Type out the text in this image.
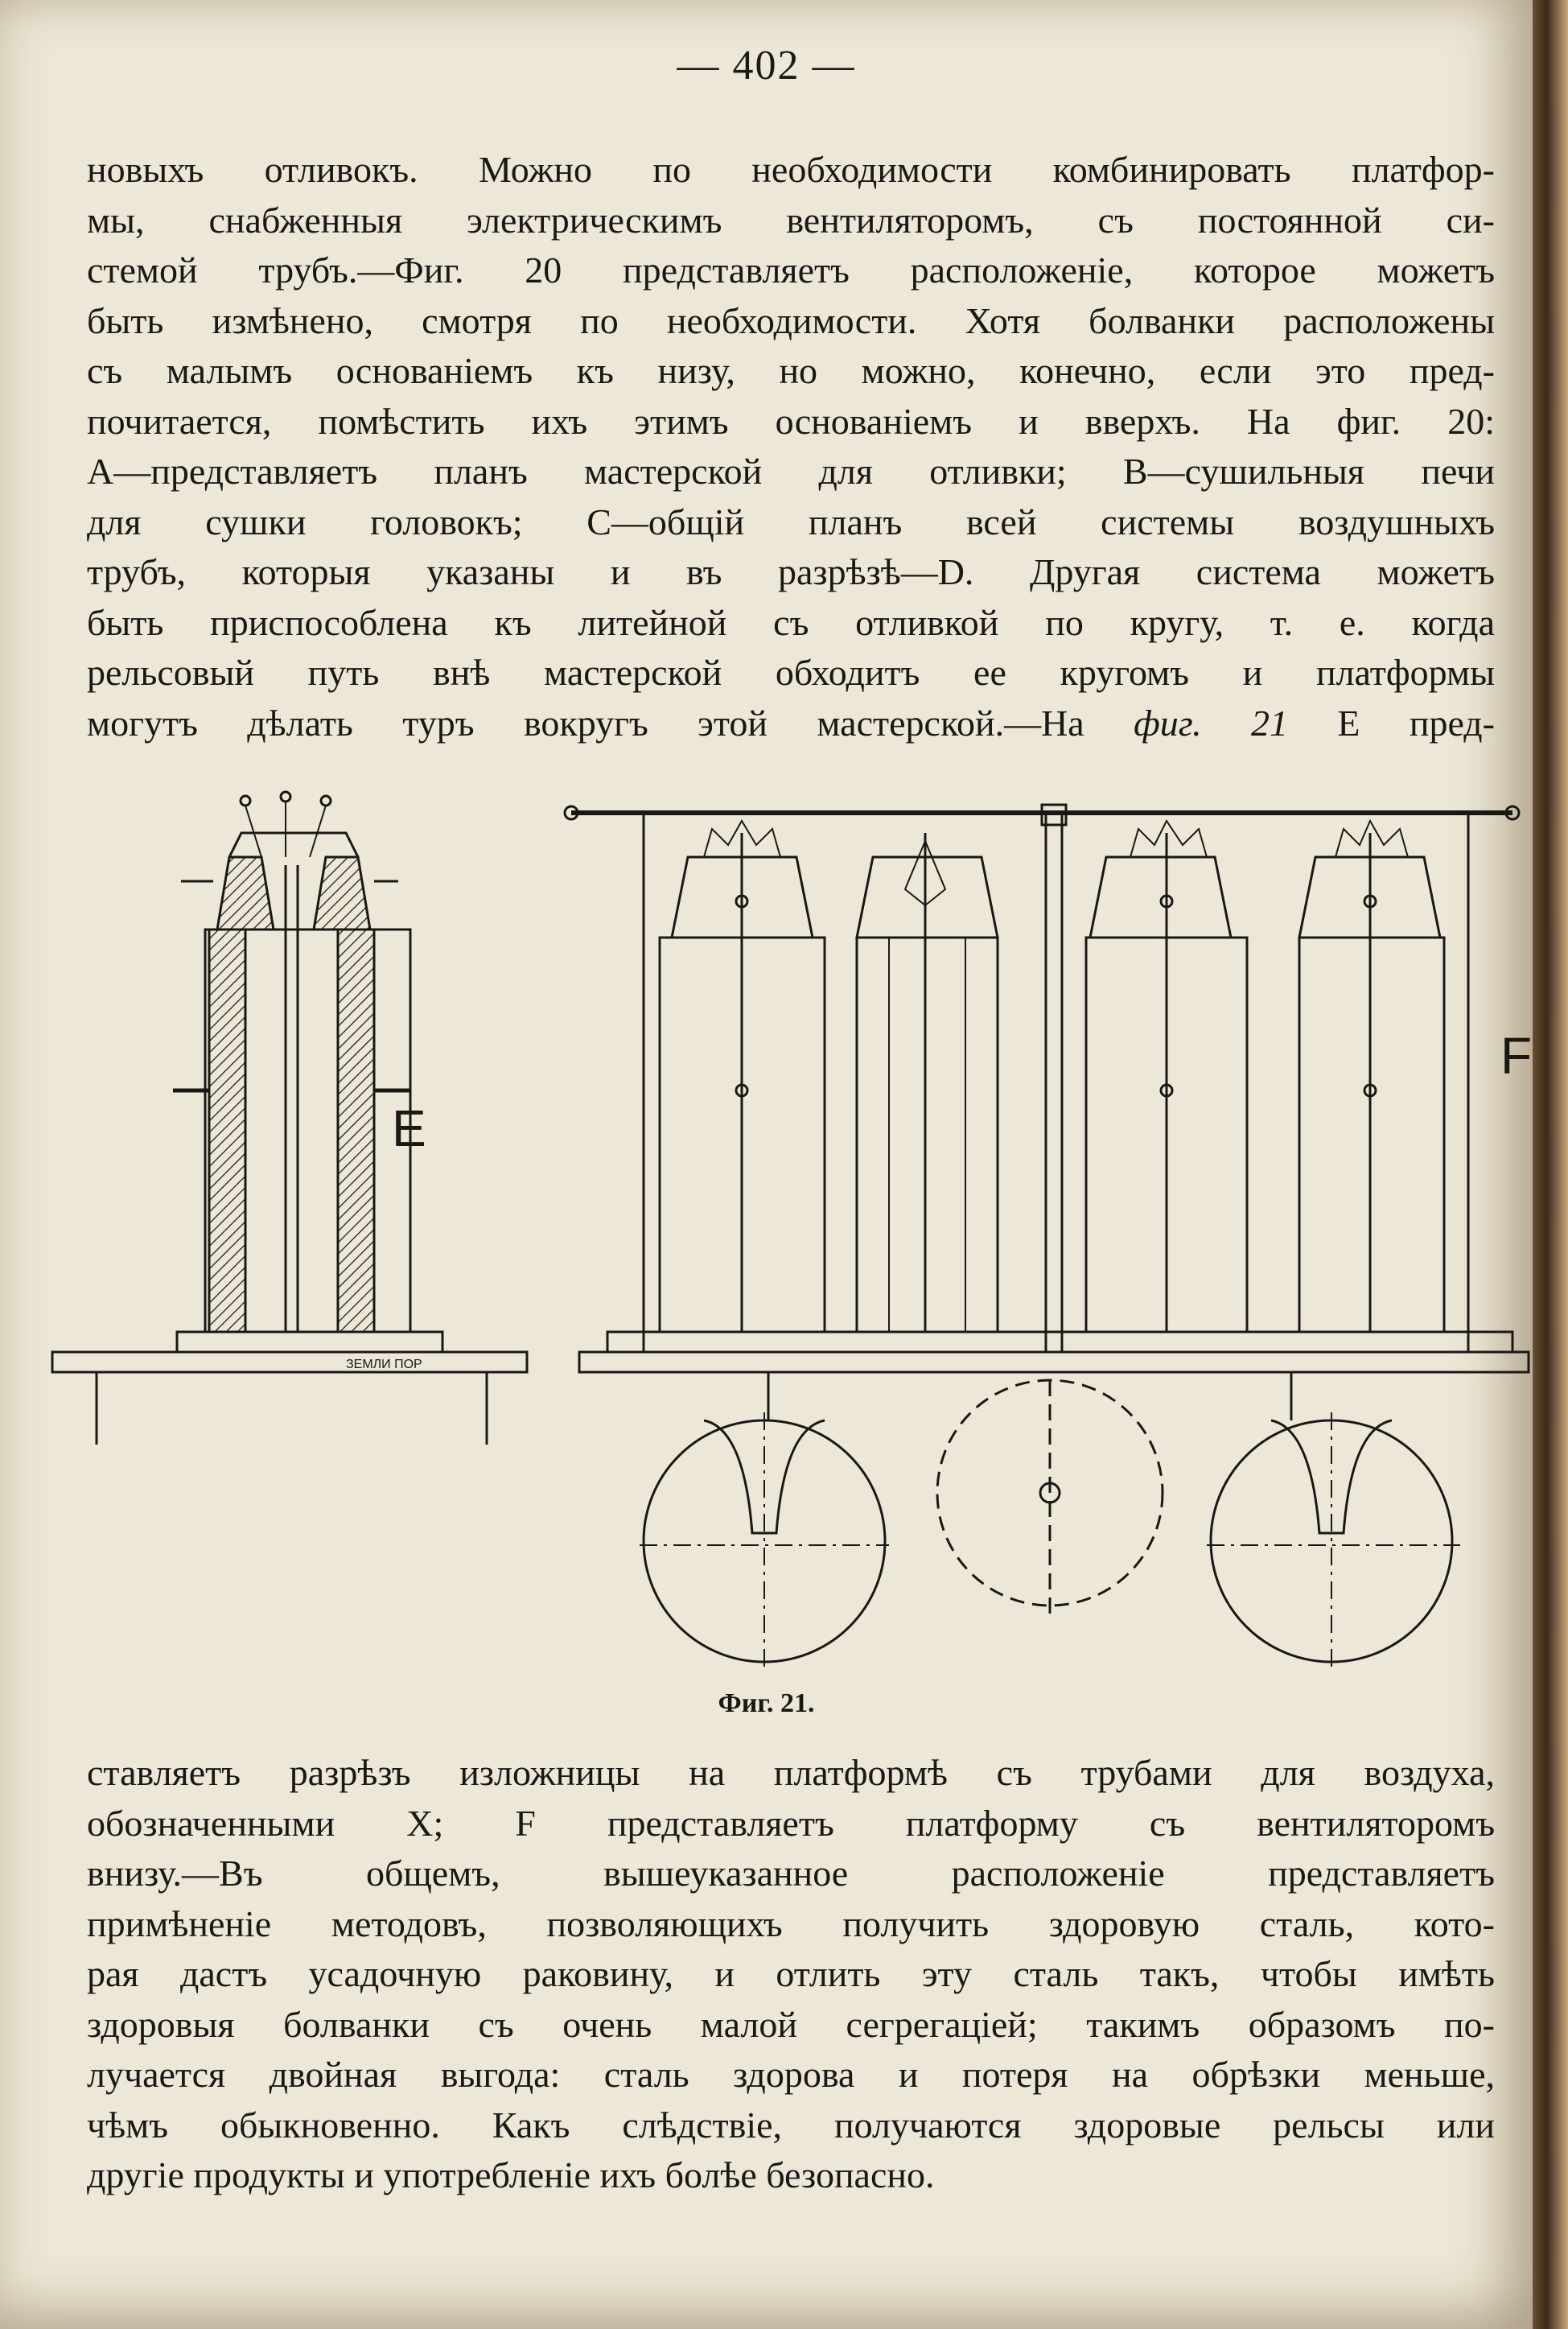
— 402 —
новыхъ отливокъ. Можно по необходимости комбинировать платфор-
мы, снабженныя электрическимъ вентиляторомъ, съ постоянной си-
стемой трубъ.—Фиг. 20 представляетъ расположенiе, которое можетъ
быть измѣнено, смотря по необходимости. Хотя болванки расположены
съ малымъ основанiемъ къ низу, но можно, конечно, если это пред-
почитается, помѣстить ихъ этимъ основанiемъ и вверхъ. На фиг. 20:
A—представляетъ планъ мастерской для отливки; B—сушильныя печи
для сушки головокъ; C—общiй планъ всей системы воздушныхъ
трубъ, которыя указаны и въ разрѣзѣ—D. Другая система можетъ
быть приспособлена къ литейной съ отливкой по кругу, т. е. когда
рельсовый путь внѣ мастерской обходитъ ее кругомъ и платформы
могутъ дѣлать туръ вокругъ этой мастерской.—На фиг. 21 E пред-
ЗЕМЛИ ПОР
E
F
Фиг. 21.
ставляетъ разрѣзъ изложницы на платформѣ съ трубами для воздуха,
обозначенными X; F представляетъ платформу съ вентиляторомъ
внизу.—Въ общемъ, вышеуказанное расположенiе представляетъ
примѣненiе методовъ, позволяющихъ получить здоровую сталь, кото-
рая дастъ усадочную раковину, и отлить эту сталь такъ, чтобы имѣть
здоровыя болванки съ очень малой сегрегацiей; такимъ образомъ по-
лучается двойная выгода: сталь здорова и потеря на обрѣзки меньше,
чѣмъ обыкновенно. Какъ слѣдствiе, получаются здоровые рельсы или
другiе продукты и употребленiе ихъ болѣе безопасно.
